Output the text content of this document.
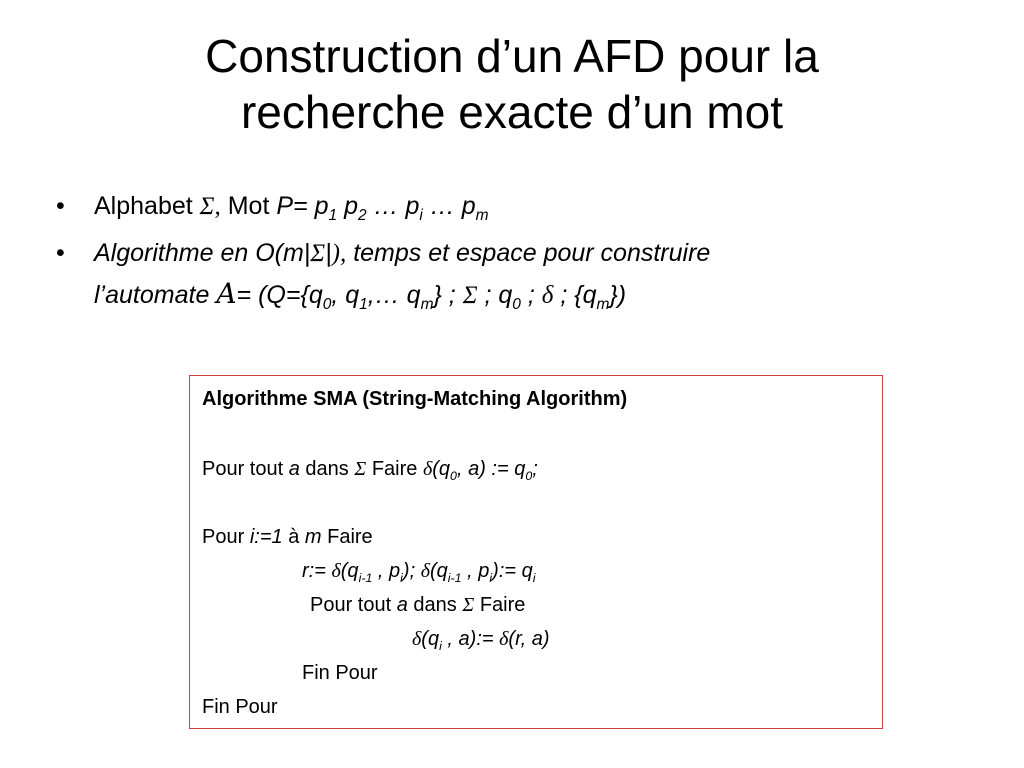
Construction d’un AFD pour la
recherche exacte d’un mot
• Alphabet Σ, Mot $P= p_1$ $p_2$ … $p_i$ … $p_m$
• Algorithme en O(m|Σ|), temps et espace pour construire
l’automate $A= (Q=\{q_0$, $q_1,\dots$ $q_m$} ; Σ ; $q_0$ ; δ ; $\{q_m\}$)
Algorithme SMA (String-Matching Algorithm)
Pour tout a dans Σ Faire $\delta(q_0$, a) := $q_0$;
Pour i:=1 à m Faire
r:= $\delta(q_{i-1}$ , $p_i$); $\delta(q_{i-1}$ , $p_i):= q_i$
Pour tout a dans Σ Faire
$\delta(q_i$ , a):= δ(r, a)
Fin Pour
Fin Pour
